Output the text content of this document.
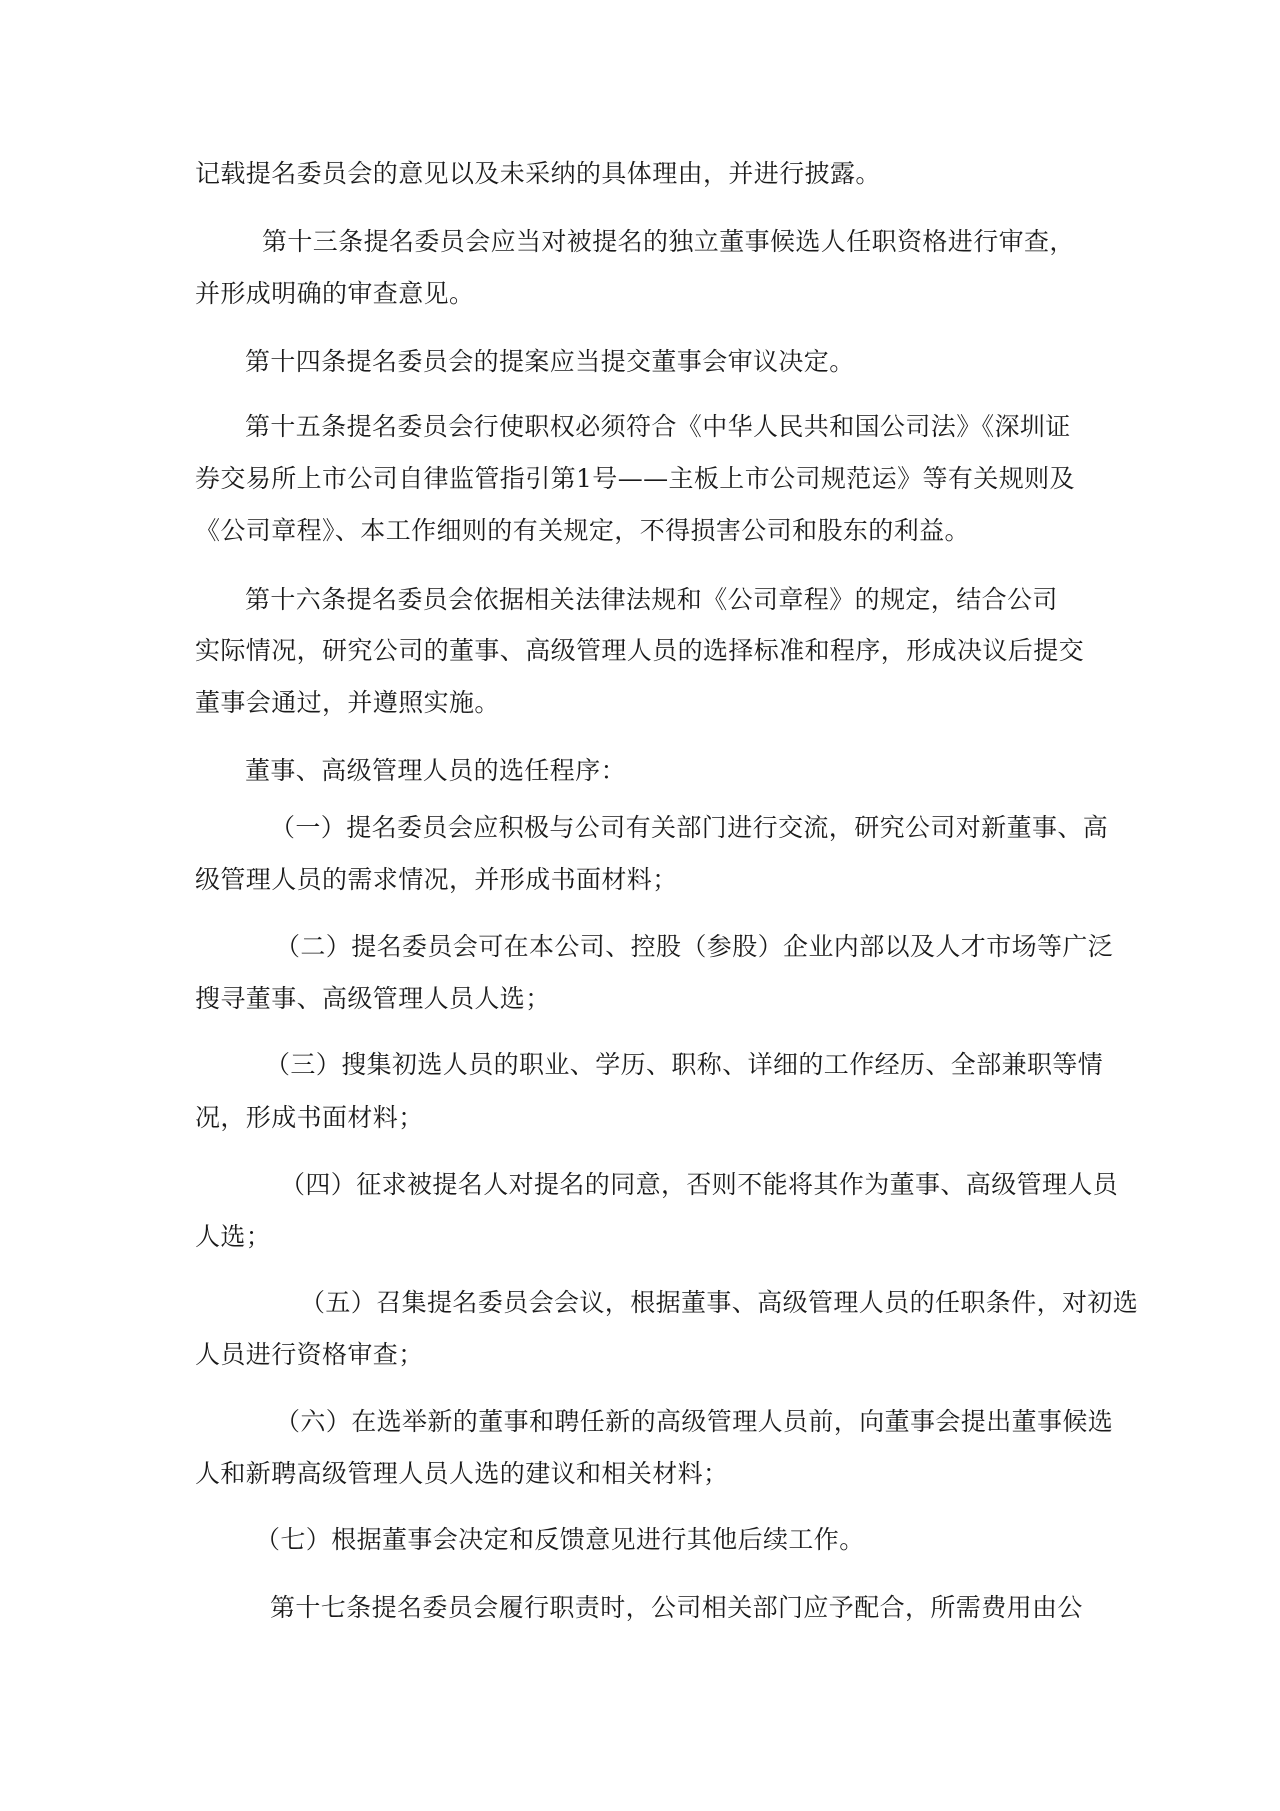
记载提名委员会的意见以及未采纳的具体理由，并进行披露。
第十三条提名委员会应当对被提名的独立董事候选人任职资格进行审查，
并形成明确的审查意见。
第十四条提名委员会的提案应当提交董事会审议决定。
第十五条提名委员会行使职权必须符合《中华人民共和国公司法》《深圳证
券交易所上市公司自律监管指引第1号——主板上市公司规范运》等有关规则及
《公司章程》、本工作细则的有关规定，不得损害公司和股东的利益。
第十六条提名委员会依据相关法律法规和《公司章程》的规定，结合公司
实际情况，研究公司的董事、高级管理人员的选择标准和程序，形成决议后提交
董事会通过，并遵照实施。
董事、高级管理人员的选任程序：
（一）提名委员会应积极与公司有关部门进行交流，研究公司对新董事、高
级管理人员的需求情况，并形成书面材料；
（二）提名委员会可在本公司、控股（参股）企业内部以及人才市场等广泛
搜寻董事、高级管理人员人选；
（三）搜集初选人员的职业、学历、职称、详细的工作经历、全部兼职等情
况，形成书面材料；
（四）征求被提名人对提名的同意，否则不能将其作为董事、高级管理人员
人选；
（五）召集提名委员会会议，根据董事、高级管理人员的任职条件，对初选
人员进行资格审查；
（六）在选举新的董事和聘任新的高级管理人员前，向董事会提出董事候选
人和新聘高级管理人员人选的建议和相关材料；
（七）根据董事会决定和反馈意见进行其他后续工作。
第十七条提名委员会履行职责时，公司相关部门应予配合，所需费用由公
